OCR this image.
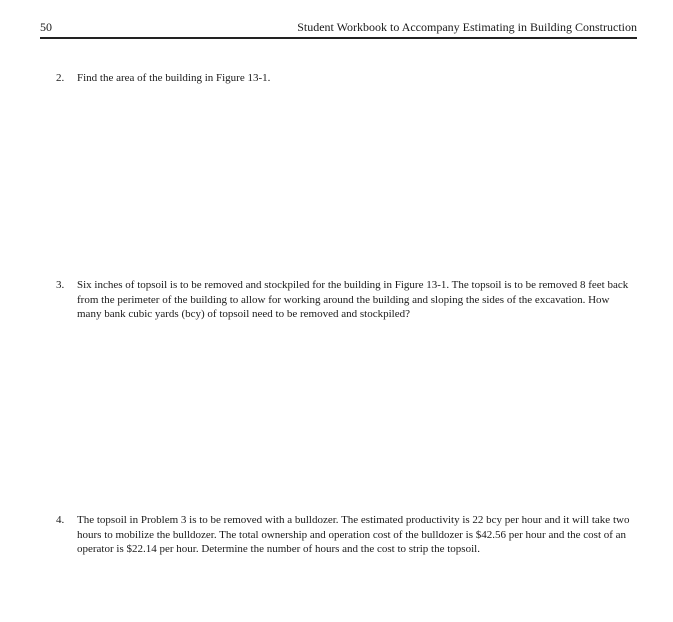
50	Student Workbook to Accompany Estimating in Building Construction
2. Find the area of the building in Figure 13-1.
3. Six inches of topsoil is to be removed and stockpiled for the building in Figure 13-1. The topsoil is to be removed 8 feet back from the perimeter of the building to allow for working around the building and sloping the sides of the excavation. How many bank cubic yards (bcy) of topsoil need to be removed and stockpiled?
4. The topsoil in Problem 3 is to be removed with a bulldozer. The estimated productivity is 22 bcy per hour and it will take two hours to mobilize the bulldozer. The total ownership and operation cost of the bulldozer is $42.56 per hour and the cost of an operator is $22.14 per hour. Determine the number of hours and the cost to strip the topsoil.
